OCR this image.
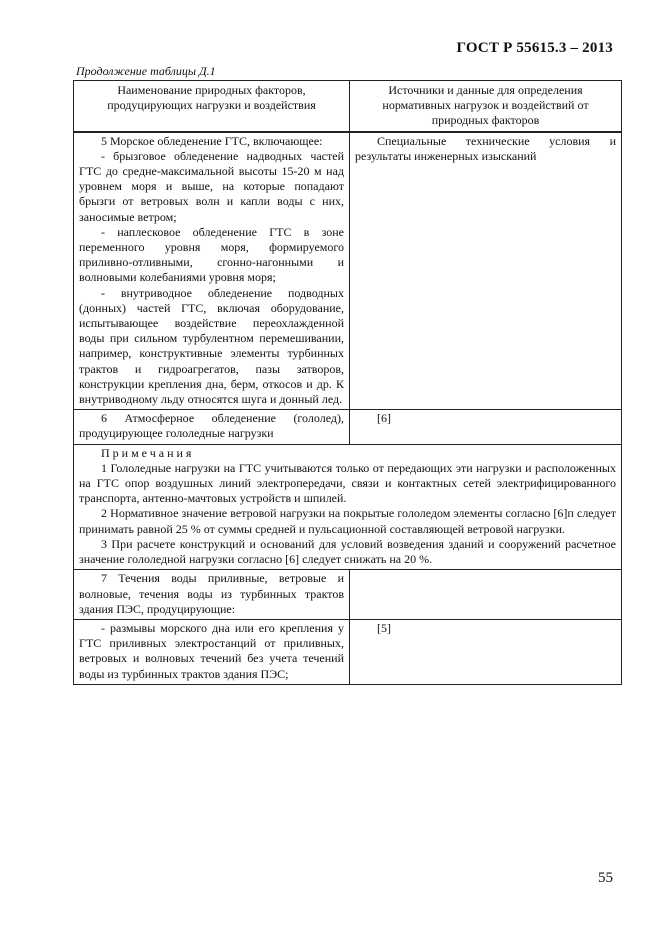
ГОСТ Р 55615.3 – 2013
Продолжение таблицы Д.1
Наименование природных факторов, продуцирующих нагрузки и воздействия	Источники и данные для определения нормативных нагрузок и воздействий от природных факторов

5 Морское обледенение ГТС, включающее:

- брызговое обледенение надводных частей ГТС до средне-максимальной высоты 15-20 м над уровнем моря и выше, на которые попадают брызги от ветровых волн и капли воды с них, заносимые ветром;

- наплесковое обледенение ГТС в зоне переменного уровня моря, формируемого приливно-отливными, сгонно-нагонными и волновыми колебаниями уровня моря;

- внутриводное обледенение подводных (донных) частей ГТС, включая оборудование, испытывающее воздействие переохлажденной воды при сильном турбулентном перемешивании, например, конструктивные элементы турбинных трактов и гидроагрегатов, пазы затворов, конструкции крепления дна, берм, откосов и др. К внутриводному льду относятся шуга и донный лед.	Специальные технические условия и результаты инженерных изысканий

6 Атмосферное обледенение (гололед), продуцирующее гололедные нагрузки	[6]

Примечания

1 Гололедные нагрузки на ГТС учитываются только от передающих эти нагрузки и расположенных на ГТС опор воздушных линий электропередачи, связи и контактных сетей электрифицированного транспорта, антенно-мачтовых устройств и шпилей.

2 Нормативное значение ветровой нагрузки на покрытые гололедом элементы согласно [6]п следует принимать равной 25 % от суммы средней и пульсационной составляющей ветровой нагрузки.

3 При расчете конструкций и оснований для условий возведения зданий и сооружений расчетное значение гололедной нагрузки согласно [6] следует снижать на 20 %.	

7 Течения воды приливные, ветровые и волновые, течения воды из турбинных трактов здания ПЭС, продуцирующие:	

- размывы морского дна или его крепления у ГТС приливных электростанций от приливных, ветровых и волновых течений без учета течений воды из турбинных трактов здания ПЭС;	[5]

55
